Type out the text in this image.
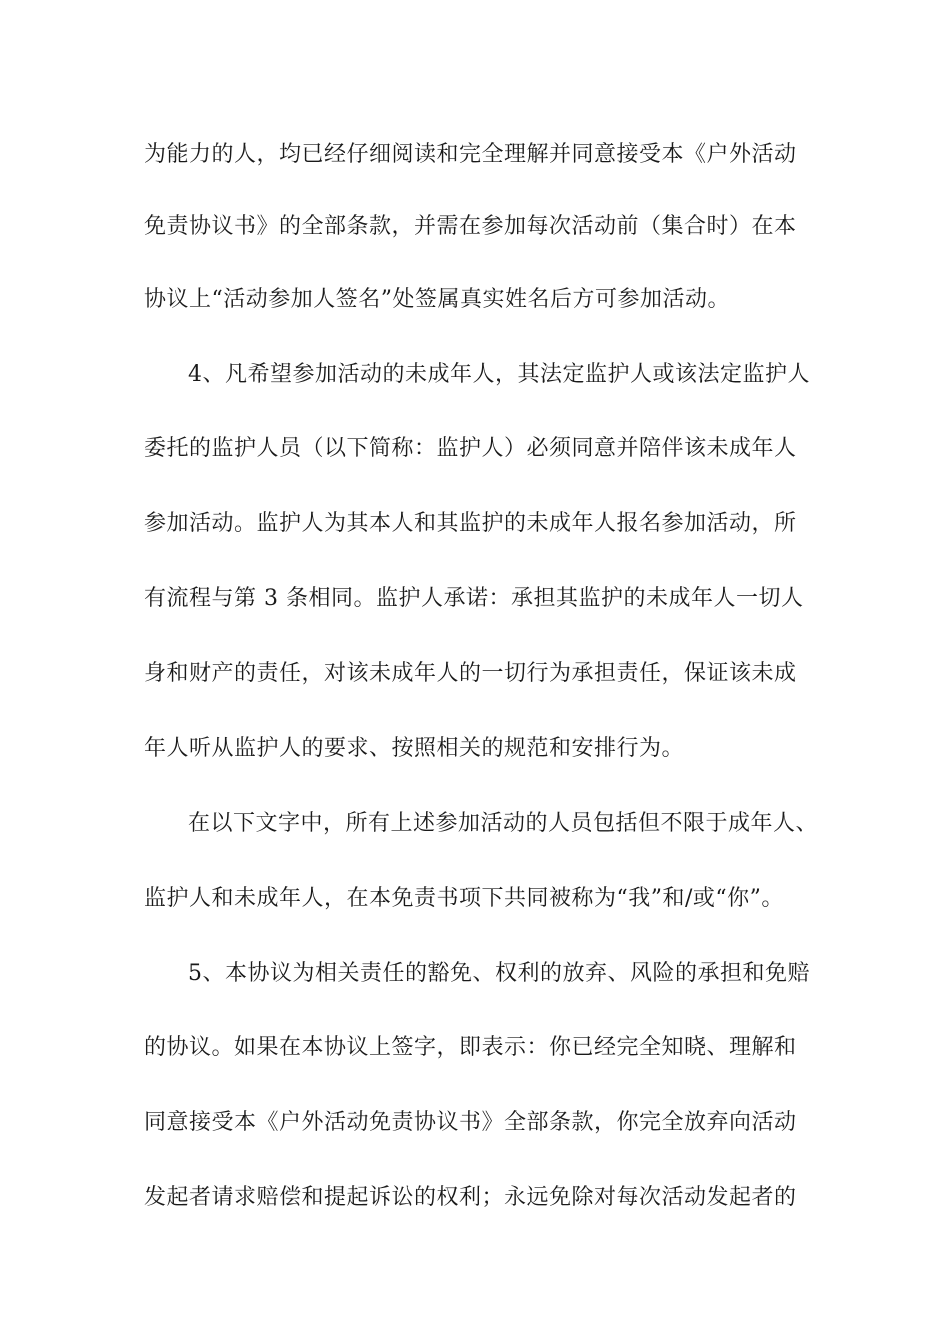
为能力的人，均已经仔细阅读和完全理解并同意接受本《户外活动
免责协议书》的全部条款，并需在参加每次活动前（集合时）在本
协议上“活动参加人签名”处签属真实姓名后方可参加活动。
4、凡希望参加活动的未成年人，其法定监护人或该法定监护人
委托的监护人员（以下简称：监护人）必须同意并陪伴该未成年人
参加活动。监护人为其本人和其监护的未成年人报名参加活动，所
有流程与第 3 条相同。监护人承诺：承担其监护的未成年人一切人
身和财产的责任，对该未成年人的一切行为承担责任，保证该未成
年人听从监护人的要求、按照相关的规范和安排行为。
在以下文字中，所有上述参加活动的人员包括但不限于成年人、
监护人和未成年人，在本免责书项下共同被称为“我”和/或“你”。
5、本协议为相关责任的豁免、权利的放弃、风险的承担和免赔
的协议。如果在本协议上签字，即表示：你已经完全知晓、理解和
同意接受本《户外活动免责协议书》全部条款，你完全放弃向活动
发起者请求赔偿和提起诉讼的权利；永远免除对每次活动发起者的
